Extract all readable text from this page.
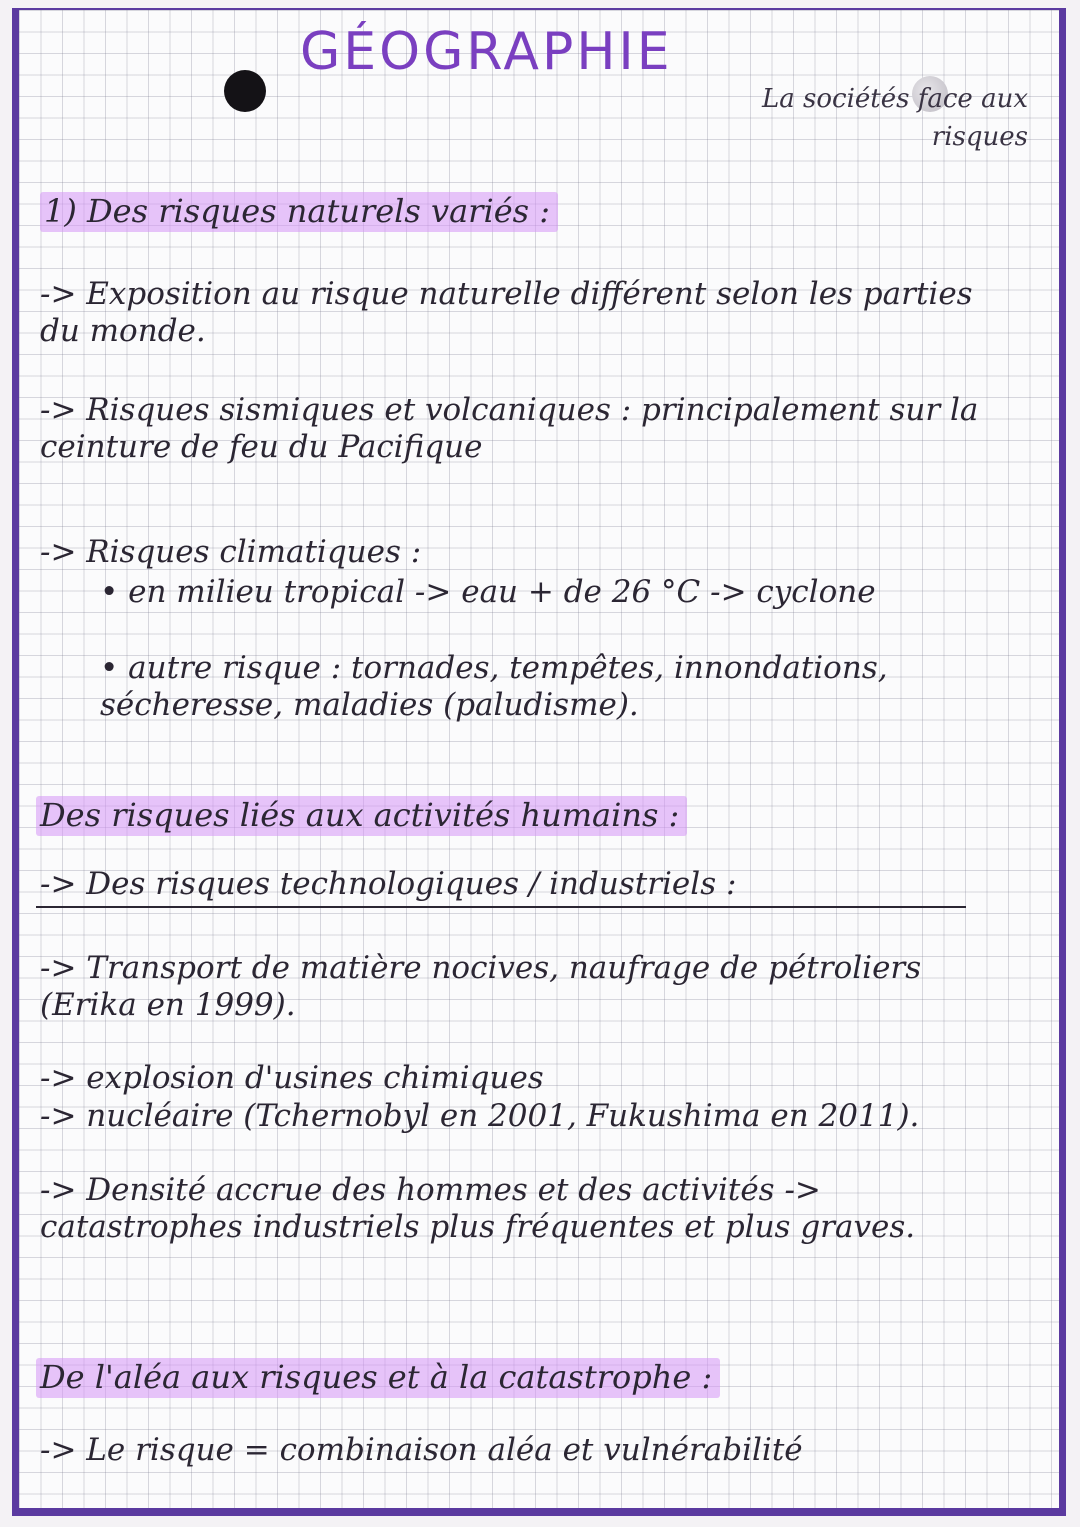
GÉOGRAPHIE
La sociétés face aux
risques
1) Des risques naturels variés :
-> Exposition au risque naturelle différent selon les parties du monde.
-> Risques sismiques et volcaniques : principalement sur la ceinture de feu du Pacifique
-> Risques climatiques :
• en milieu tropical -> eau + de 26 °C -> cyclone
• autre risque : tornades, tempêtes, innondations, sécheresse, maladies (paludisme).
Des risques liés aux activités humains :
-> Des risques technologiques / industriels :
-> Transport de matière nocives, naufrage de pétroliers (Erika en 1999).
-> explosion d'usines chimiques
-> nucléaire (Tchernobyl en 2001, Fukushima en 2011).
-> Densité accrue des hommes et des activités -> catastrophes industriels plus fréquentes et plus graves.
De l'aléa aux risques et à la catastrophe :
-> Le risque = combinaison aléa et vulnérabilité
